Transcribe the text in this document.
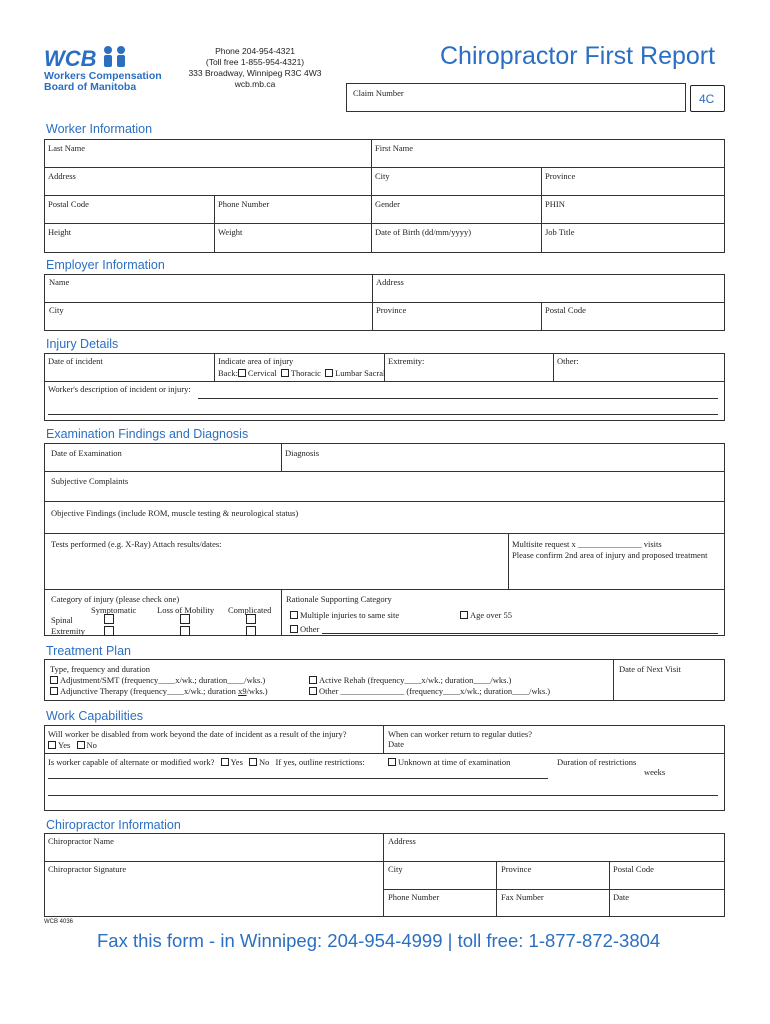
WCB
Workers Compensation
Board of Manitoba
Phone 204-954-4321
(Toll free 1-855-954-4321)
333 Broadway, Winnipeg R3C 4W3
wcb.mb.ca
Chiropractor First Report
Claim Number	4C
Worker Information
Last Name	First Name
Address	City	Province
Postal Code	Phone Number	Gender	PHIN
Height	Weight	Date of Birth (dd/mm/yyyy)	Job Title
Employer Information
Name	Address
City	Province	Postal Code
Injury Details
Date of incident	Indicate area of injury
Back: Cervical Thoracic Lumbar Sacral
Extremity:	Other:
Worker's description of incident or injury:
Examination Findings and Diagnosis
Date of Examination	Diagnosis
Subjective Complaints
Objective Findings (include ROM, muscle testing & neurological status)
Tests performed (e.g. X-Ray) Attach results/dates:	Multisite request x _______________ visits
Please confirm 2nd area of injury and proposed treatment
Category of injury (please check one)
Symptomatic Loss of Mobility Complicated
Spinal
Extremity
Rationale Supporting Category
Multiple injuries to same site	Age over 55
Other
Treatment Plan
Type, frequency and duration
Adjustment/SMT (frequency____x/wk.; duration____/wks.)
Adjunctive Therapy (frequency____x/wk.; duration x9/wks.)
Active Rehab (frequency____x/wk.; duration____/wks.)
Other _______________ (frequency____x/wk.; duration____/wks.)
Date of Next Visit
Work Capabilities
Will worker be disabled from work beyond the date of incident as a result of the injury?
Yes No
When can worker return to regular duties?
Date
Is worker capable of alternate or modified work? Yes No If yes, outline restrictions:	Unknown at time of examination	Duration of restrictions
weeks
Chiropractor Information
Chiropractor Name	Address
Chiropractor Signature	City	Province	Postal Code
Phone Number	Fax Number	Date
WCB 4036
Fax this form - in Winnipeg: 204-954-4999 | toll free: 1-877-872-3804
